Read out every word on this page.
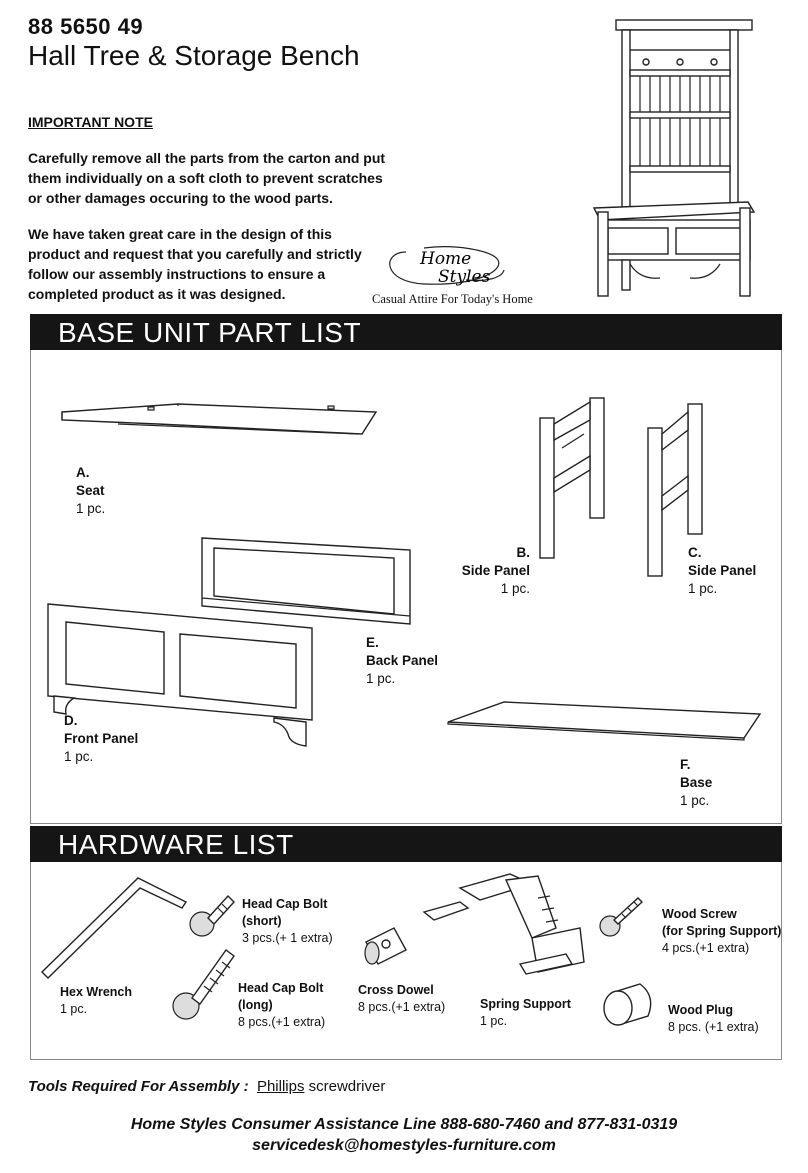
88 5650 49
Hall Tree & Storage Bench
IMPORTANT NOTE
Carefully remove all the parts from the carton and put
them individually on a soft cloth to prevent scratches
or other damages occuring to the wood parts.
We have taken great care in the design of this
product and request that you carefully and strictly
follow our assembly instructions to ensure a
completed product as it was designed.
Home
Styles
Casual Attire For Today's Home
BASE UNIT PART LIST
A.
Seat
1 pc.
B.
Side Panel
1 pc.
C.
Side Panel
1 pc.
E.
Back Panel
1 pc.
D.
Front Panel
1 pc.
F.
Base
1 pc.
HARDWARE LIST
Hex Wrench
1 pc.
Head Cap Bolt
(short)
3 pcs.(+ 1 extra)
Head Cap Bolt
(long)
8 pcs.(+1 extra)
Cross Dowel
8 pcs.(+1 extra)	Spring Support
1 pc.
Wood Screw
(for Spring Support)
4 pcs.(+1 extra)
Wood Plug
8 pcs. (+1 extra)
Tools Required For Assembly : Phillips screwdriver
Home Styles Consumer Assistance Line 888-680-7460 and 877-831-0319
servicedesk@homestyles-furniture.com
